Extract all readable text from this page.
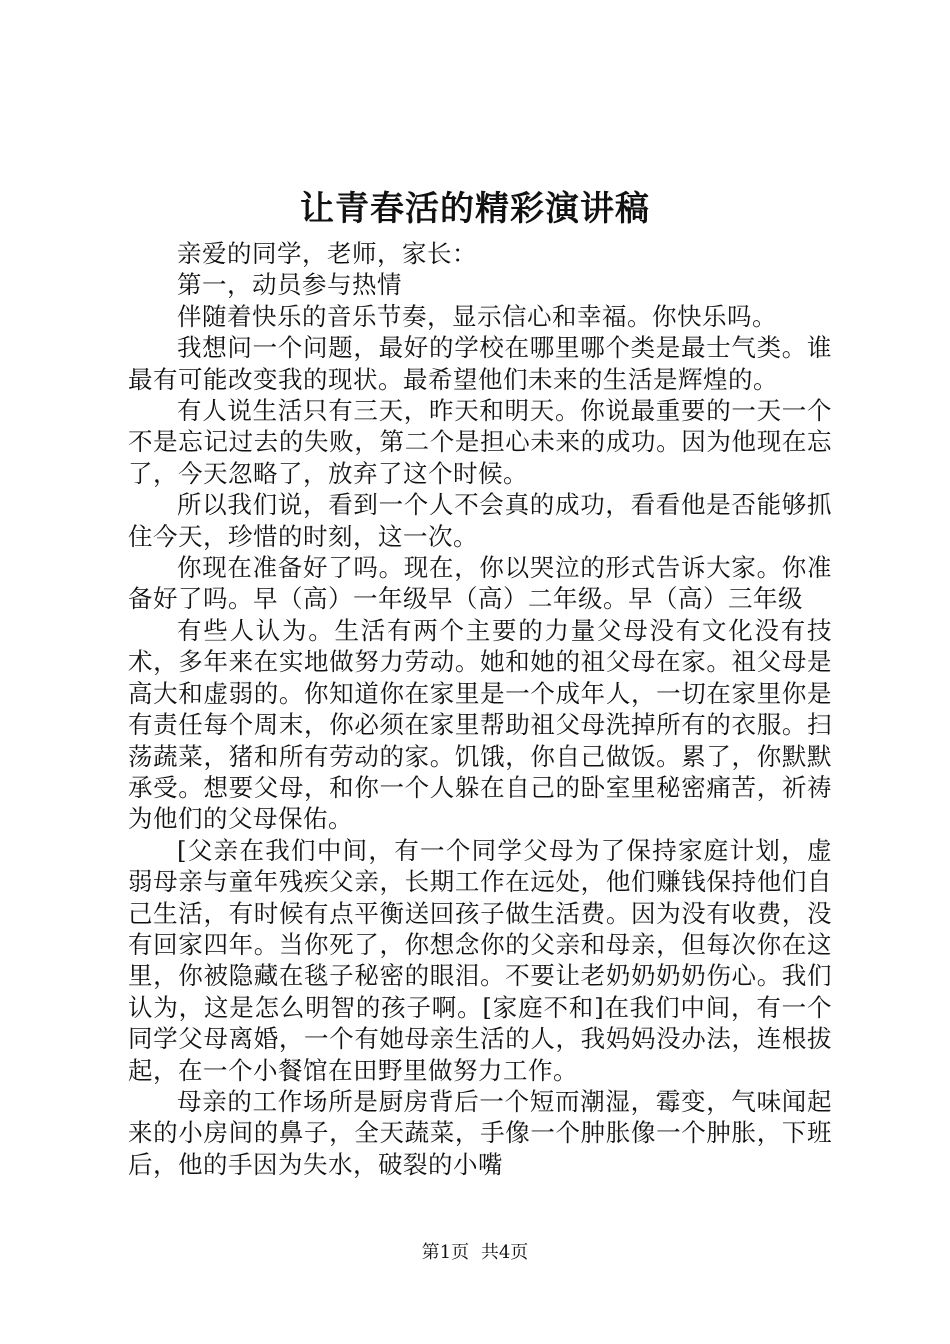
让青春活的精彩演讲稿

亲爱的同学，老师，家长：

第一，动员参与热情

伴随着快乐的音乐节奏，显示信心和幸福。你快乐吗。

我想问一个问题，最好的学校在哪里哪个类是最士气类。谁最有可能改变我的现状。最希望他们未来的生活是辉煌的。

有人说生活只有三天，昨天和明天。你说最重要的一天一个不是忘记过去的失败，第二个是担心未来的成功。因为他现在忘了，今天忽略了，放弃了这个时候。

所以我们说，看到一个人不会真的成功，看看他是否能够抓住今天，珍惜的时刻，这一次。

你现在准备好了吗。现在，你以哭泣的形式告诉大家。你准备好了吗。早（高）一年级早（高）二年级。早（高）三年级

有些人认为。生活有两个主要的力量父母没有文化没有技术，多年来在实地做努力劳动。她和她的祖父母在家。祖父母是高大和虚弱的。你知道你在家里是一个成年人，一切在家里你是有责任每个周末，你必须在家里帮助祖父母洗掉所有的衣服。扫荡蔬菜，猪和所有劳动的家。饥饿，你自己做饭。累了，你默默承受。想要父母，和你一个人躲在自己的卧室里秘密痛苦，祈祷为他们的父母保佑。

[父亲在我们中间，有一个同学父母为了保持家庭计划，虚弱母亲与童年残疾父亲，长期工作在远处，他们赚钱保持他们自己生活，有时候有点平衡送回孩子做生活费。因为没有收费，没有回家四年。当你死了，你想念你的父亲和母亲，但每次你在这里，你被隐藏在毯子秘密的眼泪。不要让老奶奶奶奶伤心。我们认为，这是怎么明智的孩子啊。[家庭不和]在我们中间，有一个同学父母离婚，一个有她母亲生活的人，我妈妈没办法，连根拔起，在一个小餐馆在田野里做努力工作。

母亲的工作场所是厨房背后一个短而潮湿，霉变，气味闻起来的小房间的鼻子，全天蔬菜，手像一个肿胀像一个肿胀，下班后，他的手因为失水，破裂的小嘴

第1页 共4页
